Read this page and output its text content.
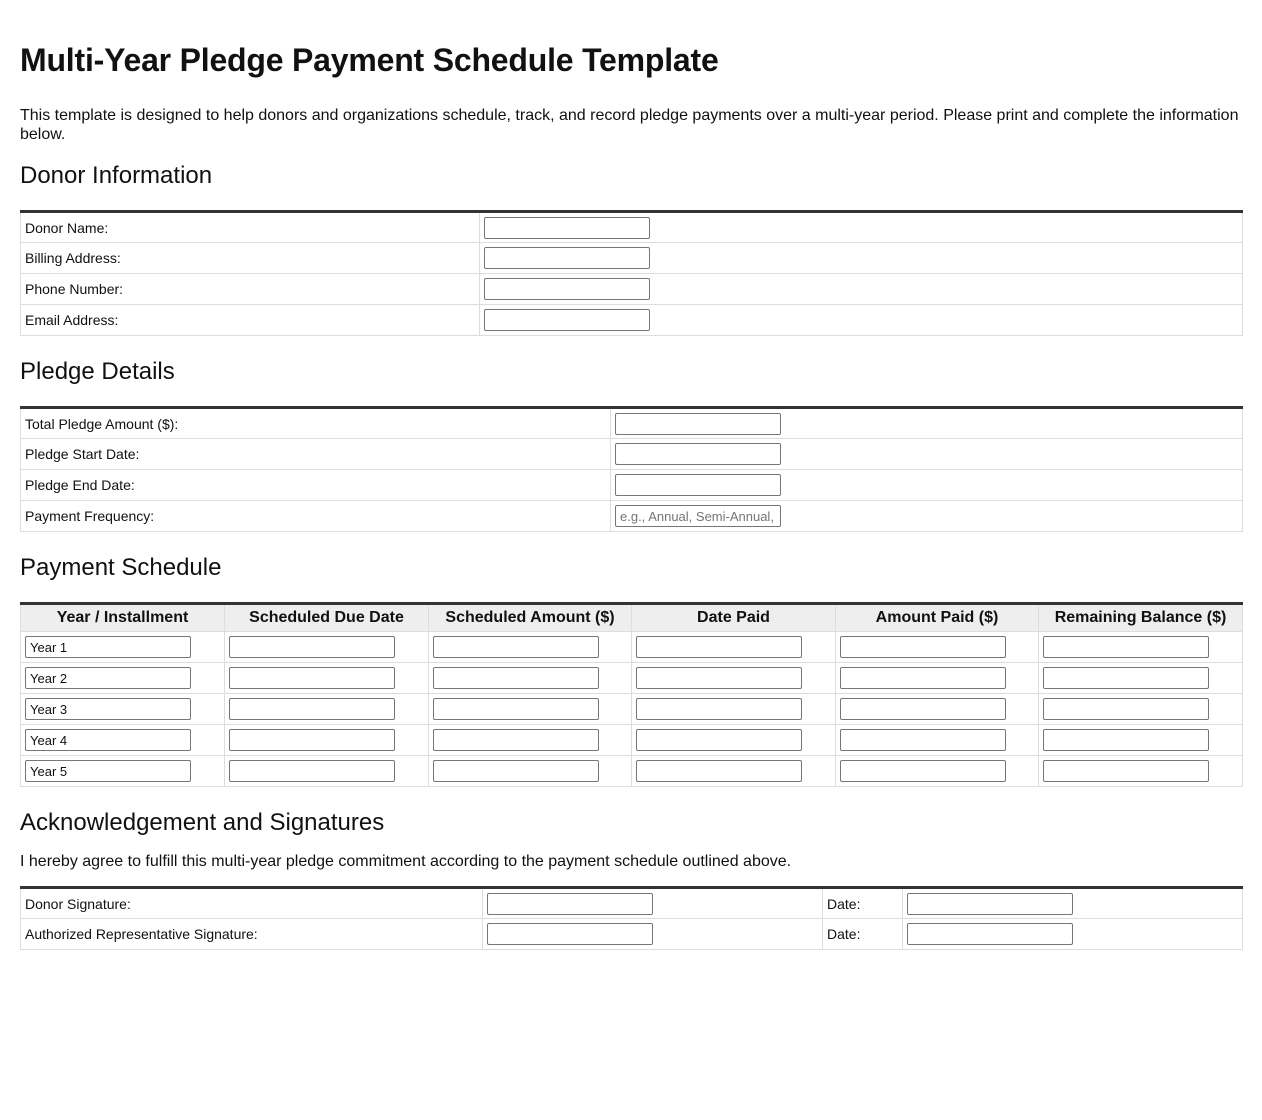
Multi-Year Pledge Payment Schedule Template

This template is designed to help donors and organizations schedule, track, and record pledge payments over a multi-year period. Please print and complete the information below.

Donor Information
Donor Name:	

Billing Address:	

Phone Number:	

Email Address:	
Pledge Details
Total Pledge Amount ($):	

Pledge Start Date:	

Pledge End Date:	

Payment Frequency:	
e.g., Annual, Semi-Annual, Quarterly
Payment Schedule
Year / Installment	Scheduled Due Date	Scheduled Amount ($)	Date Paid	Amount Paid ($)	Remaining Balance ($)

Year 1	

Year 2	

Year 3	

Year 4	

Year 5	

Acknowledgement and Signatures

I hereby agree to fulfill this multi-year pledge commitment according to the payment schedule outlined above.

Donor Signature:		Date:	

Authorized Representative Signature:		Date:	
